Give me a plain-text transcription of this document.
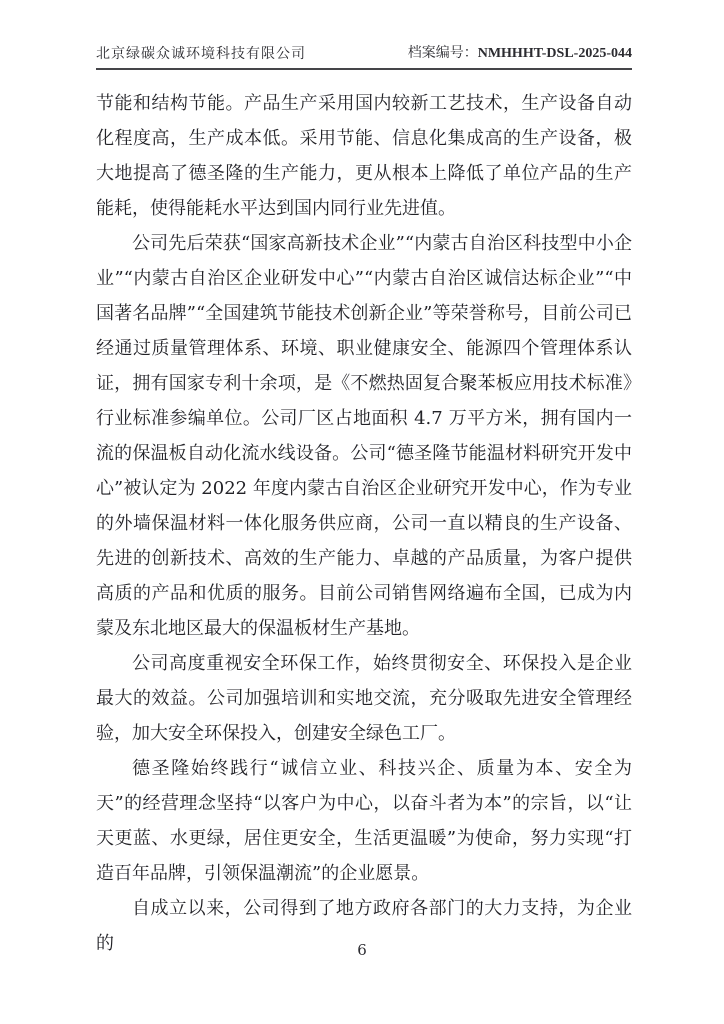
北京绿碳众诚环境科技有限公司	档案编号：NMHHHT-DSL-2025-044

节能和结构节能。产品生产采用国内较新工艺技术，生产设备自动化程度高，生产成本低。采用节能、信息化集成高的生产设备，极大地提高了德圣隆的生产能力，更从根本上降低了单位产品的生产能耗，使得能耗水平达到国内同行业先进值。

公司先后荣获“国家高新技术企业”“内蒙古自治区科技型中小企业”“内蒙古自治区企业研发中心”“内蒙古自治区诚信达标企业”“中国著名品牌”“全国建筑节能技术创新企业”等荣誉称号，目前公司已经通过质量管理体系、环境、职业健康安全、能源四个管理体系认证，拥有国家专利十余项，是《不燃热固复合聚苯板应用技术标准》行业标准参编单位。公司厂区占地面积 4.7 万平方米，拥有国内一流的保温板自动化流水线设备。公司“德圣隆节能温材料研究开发中心”被认定为 2022 年度内蒙古自治区企业研究开发中心，作为专业的外墙保温材料一体化服务供应商，公司一直以精良的生产设备、先进的创新技术、高效的生产能力、卓越的产品质量，为客户提供高质的产品和优质的服务。目前公司销售网络遍布全国，已成为内蒙及东北地区最大的保温板材生产基地。

公司高度重视安全环保工作，始终贯彻安全、环保投入是企业最大的效益。公司加强培训和实地交流，充分吸取先进安全管理经验，加大安全环保投入，创建安全绿色工厂。

德圣隆始终践行“诚信立业、科技兴企、质量为本、安全为天”的经营理念坚持“以客户为中心，以奋斗者为本”的宗旨，以“让天更蓝、水更绿，居住更安全，生活更温暖”为使命，努力实现“打造百年品牌，引领保温潮流”的企业愿景。

自成立以来，公司得到了地方政府各部门的大力支持，为企业的	6
